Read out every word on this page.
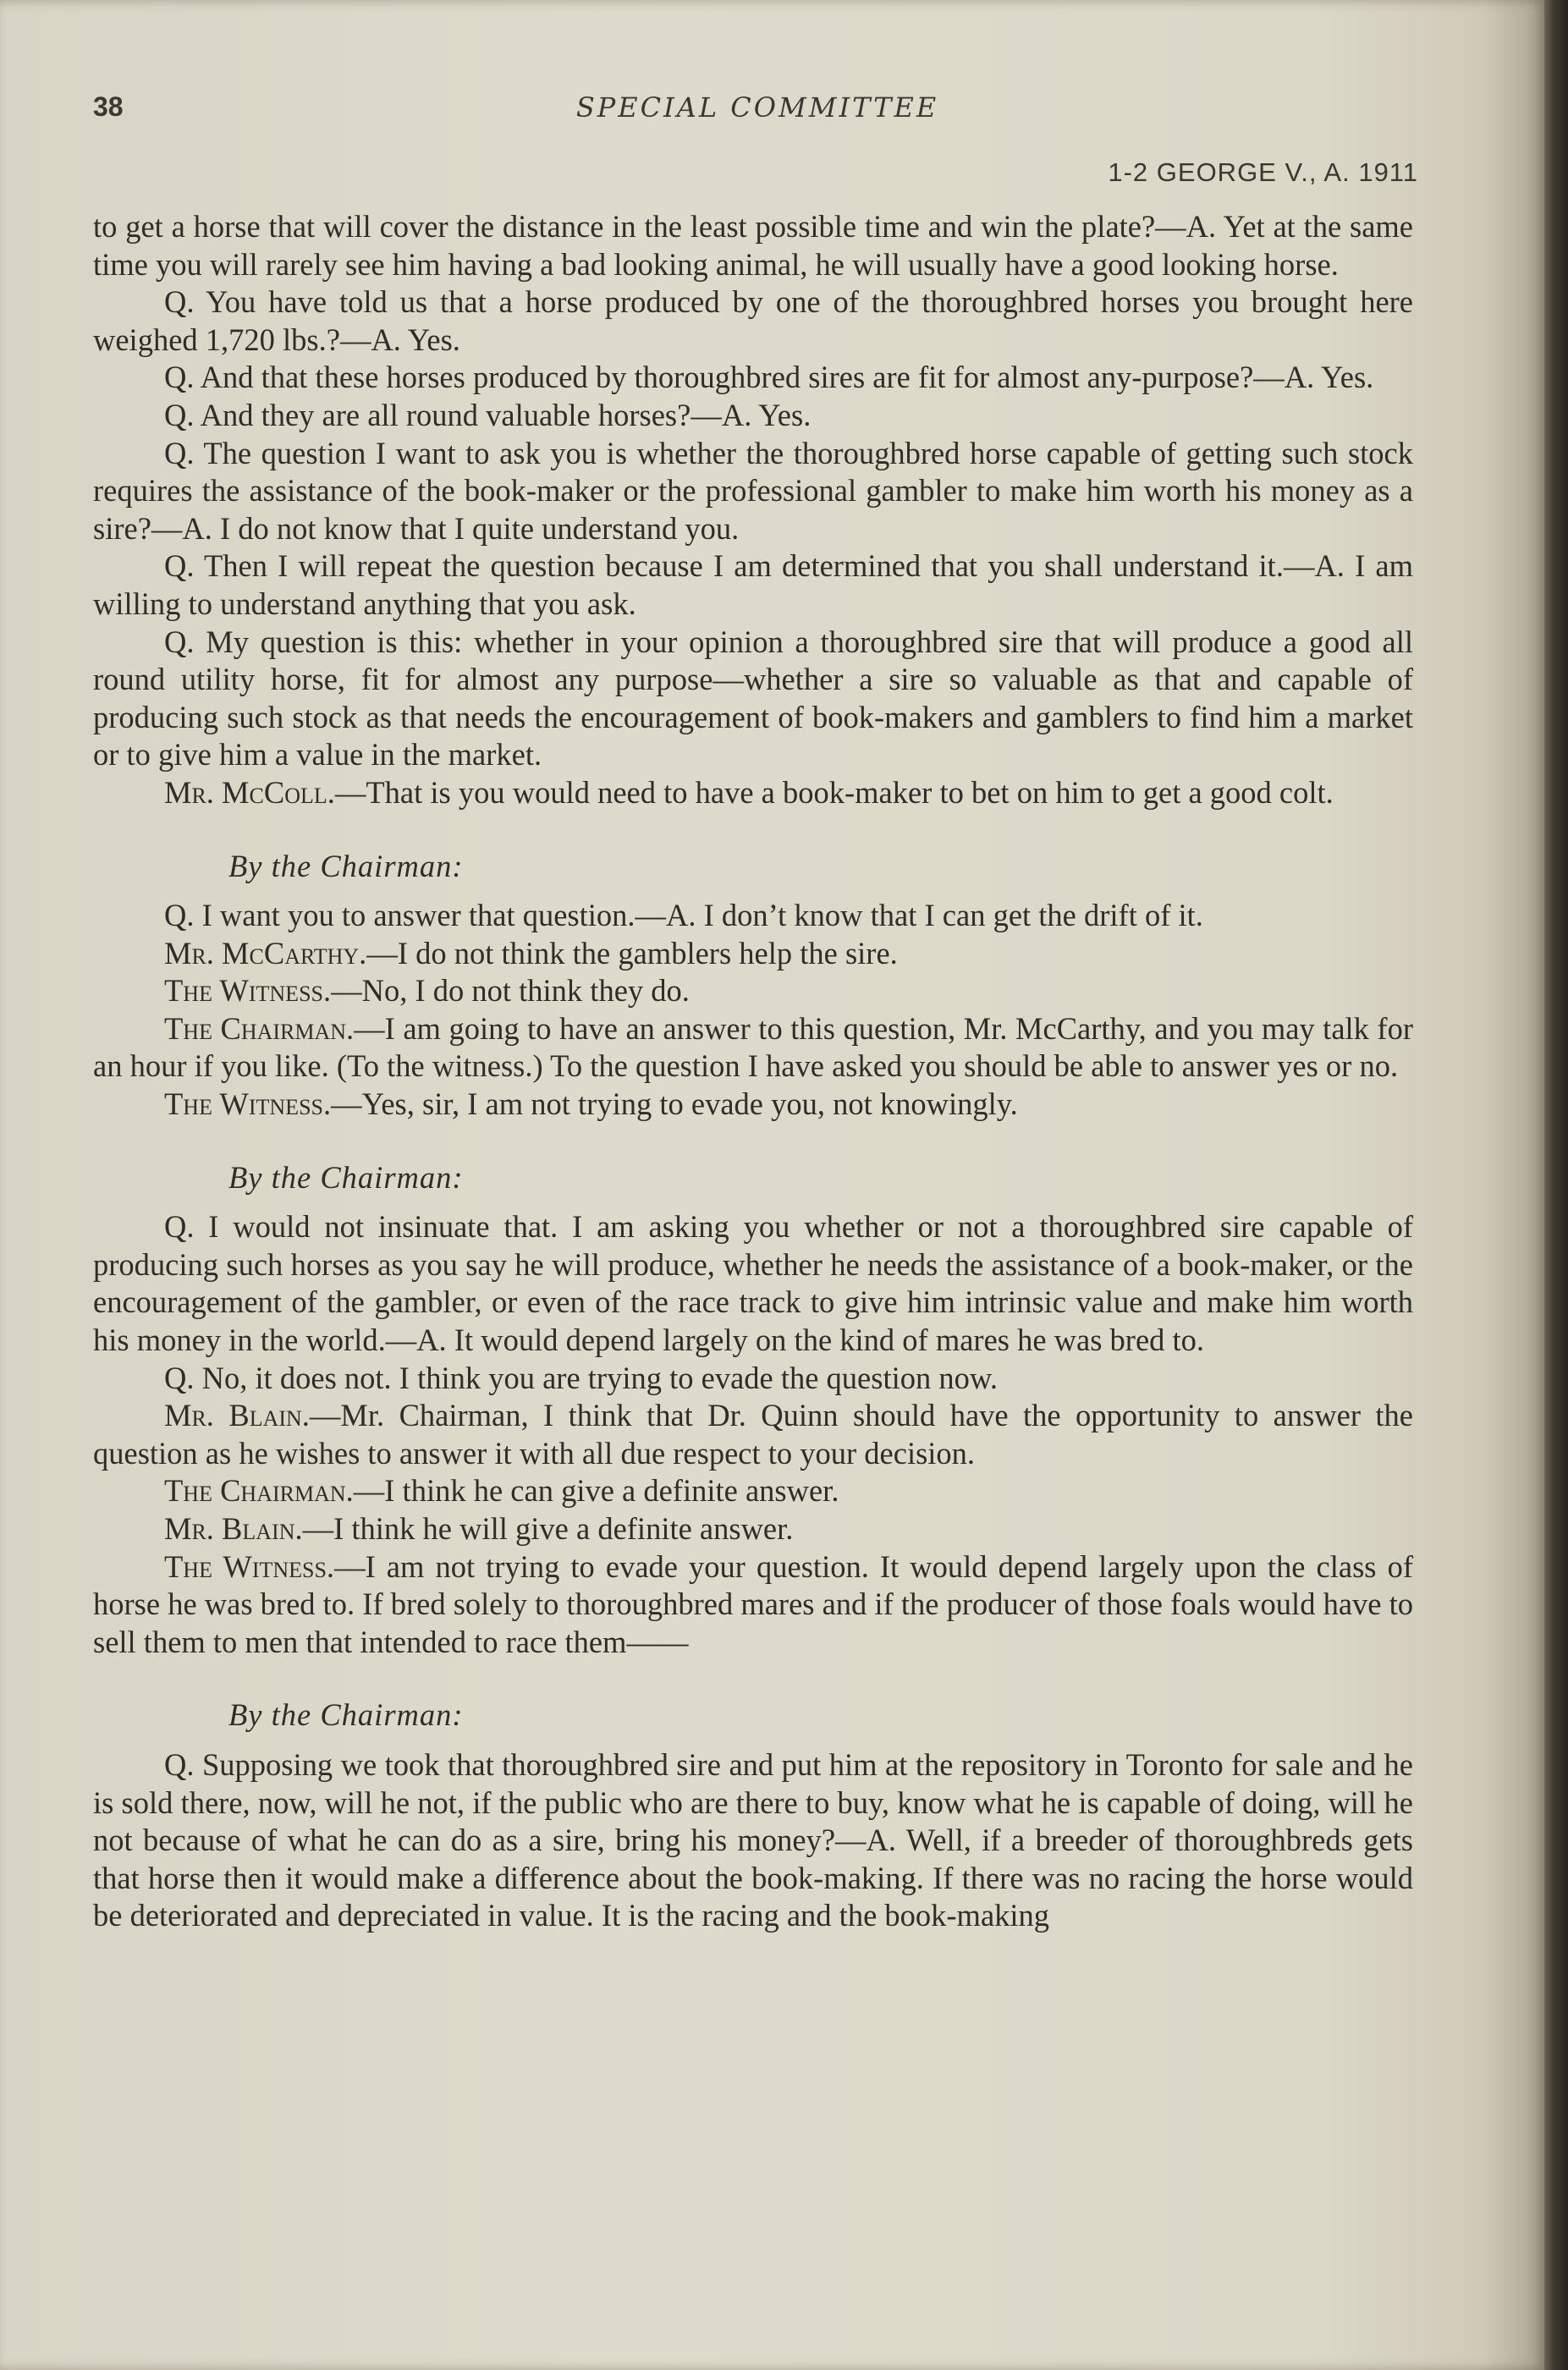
38	SPECIAL COMMITTEE
1-2 GEORGE V., A. 1911

to get a horse that will cover the distance in the least possible time and win the plate?—A. Yet at the same time you will rarely see him having a bad looking animal, he will usually have a good looking horse.

Q. You have told us that a horse produced by one of the thoroughbred horses you brought here weighed 1,720 lbs.?—A. Yes.

Q. And that these horses produced by thoroughbred sires are fit for almost any-purpose?—A. Yes.

Q. And they are all round valuable horses?—A. Yes.

Q. The question I want to ask you is whether the thoroughbred horse capable of getting such stock requires the assistance of the book-maker or the professional gambler to make him worth his money as a sire?—A. I do not know that I quite understand you.

Q. Then I will repeat the question because I am determined that you shall understand it.—A. I am willing to understand anything that you ask.

Q. My question is this: whether in your opinion a thoroughbred sire that will produce a good all round utility horse, fit for almost any purpose—whether a sire so valuable as that and capable of producing such stock as that needs the encouragement of book-makers and gamblers to find him a market or to give him a value in the market.

Mr. McColl.—That is you would need to have a book-maker to bet on him to get a good colt.

By the Chairman:

Q. I want you to answer that question.—A. I don’t know that I can get the drift of it.

Mr. McCarthy.—I do not think the gamblers help the sire.

The Witness.—No, I do not think they do.

The Chairman.—I am going to have an answer to this question, Mr. McCarthy, and you may talk for an hour if you like. (To the witness.) To the question I have asked you should be able to answer yes or no.

The Witness.—Yes, sir, I am not trying to evade you, not knowingly.

By the Chairman:

Q. I would not insinuate that. I am asking you whether or not a thoroughbred sire capable of producing such horses as you say he will produce, whether he needs the assistance of a book-maker, or the encouragement of the gambler, or even of the race track to give him intrinsic value and make him worth his money in the world.—A. It would depend largely on the kind of mares he was bred to.

Q. No, it does not. I think you are trying to evade the question now.

Mr. Blain.—Mr. Chairman, I think that Dr. Quinn should have the opportunity to answer the question as he wishes to answer it with all due respect to your decision.

The Chairman.—I think he can give a definite answer.

Mr. Blain.—I think he will give a definite answer.

The Witness.—I am not trying to evade your question. It would depend largely upon the class of horse he was bred to. If bred solely to thoroughbred mares and if the producer of those foals would have to sell them to men that intended to race them——

By the Chairman:

Q. Supposing we took that thoroughbred sire and put him at the repository in Toronto for sale and he is sold there, now, will he not, if the public who are there to buy, know what he is capable of doing, will he not because of what he can do as a sire, bring his money?—A. Well, if a breeder of thoroughbreds gets that horse then it would make a difference about the book-making. If there was no racing the horse would be deteriorated and depreciated in value. It is the racing and the book-making
